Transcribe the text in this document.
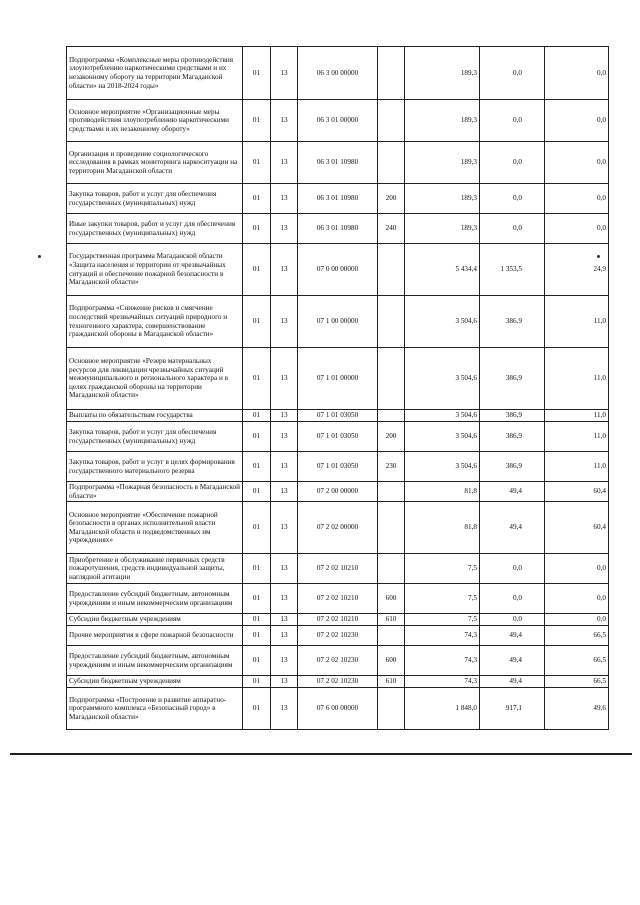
Подпрограмма «Комплексные меры противодействия злоупотреблению наркотическими средствами и их незаконному обороту на территории Магаданской области» на 2018-2024 годы»	01	13	06 3 00 00000		189,3	0,0	0,0
Основное мероприятие «Организационные меры противодействия злоупотреблению наркотическими средствами и их незаконному обороту»	01	13	06 3 01 00000		189,3	0,0	0,0
Организация и проведение социологического исследования в рамках мониторинга наркоситуации на территории Магаданской области	01	13	06 3 01 10980		189,3	0,0	0,0
Закупка товаров, работ и услуг для обеспечения государственных (муниципальных) нужд	01	13	06 3 01 10980	200	189,3	0,0	0,0
Иные закупки товаров, работ и услуг для обеспечения государственных (муниципальных) нужд	01	13	06 3 01 10980	240	189,3	0,0	0,0
Государственная программа Магаданской области «Защита населения и территории от чрезвычайных ситуаций и обеспечение пожарной безопасности в Магаданской области»	01	13	07 0 00 00000		5 434,4	1 353,5	24,9
Подпрограмма «Снижение рисков и смягчение последствий чрезвычайных ситуаций природного и техногенного характера, совершенствование гражданской обороны в Магаданской области»	01	13	07 1 00 00000		3 504,6	386,9	11,0
Основное мероприятие «Резерв материальных ресурсов для ликвидации чрезвычайных ситуаций межмуниципального и регионального характера и в целях гражданской обороны на территории Магаданской области»	01	13	07 1 01 00000		3 504,6	386,9	11,0
Выплаты по обязательствам государства	01	13	07 1 01 03050		3 504,6	386,9	11,0
Закупка товаров, работ и услуг для обеспечения государственных (муниципальных) нужд	01	13	07 1 01 03050	200	3 504,6	386,9	11,0
Закупка товаров, работ и услуг в целях формирования государственного материального резерва	01	13	07 1 01 03050	230	3 504,6	386,9	11,0
Подпрограмма «Пожарная безопасность в Магаданской области»	01	13	07 2 00 00000		81,8	49,4	60,4
Основное мероприятие «Обеспечение пожарной безопасности в органах исполнительной власти Магаданской области и подведомственных им учреждениях»	01	13	07 2 02 00000		81,8	49,4	60,4
Приобретение и обслуживание первичных средств пожаротушения, средств индивидуальной защиты, наглядной агитации	01	13	07 2 02 10210		7,5	0,0	0,0
Предоставление субсидий бюджетным, автономным учреждениям и иным некоммерческим организациям	01	13	07 2 02 10210	600	7,5	0,0	0,0
Субсидии бюджетным учреждениям	01	13	07 2 02 10210	610	7,5	0,0	0,0
Прочие мероприятия в сфере пожарной безопасности	01	13	07 2 02 10230		74,3	49,4	66,5
Предоставление субсидий бюджетным, автономным учреждениям и иным некоммерческим организациям	01	13	07 2 02 10230	600	74,3	49,4	66,5
Субсидии бюджетным учреждениям	01	13	07 2 02 10230	610	74,3	49,4	66,5
Подпрограмма «Построение и развитие аппаратно-программного комплекса «Безопасный город» в Магаданской области»	01	13	07 6 00 00000		1 848,0	917,1	49,6
